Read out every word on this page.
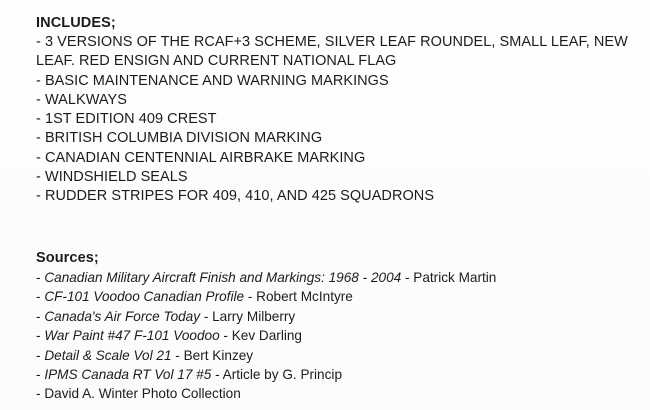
INCLUDES;
- 3 VERSIONS OF THE RCAF+3 SCHEME, SILVER LEAF ROUNDEL, SMALL LEAF, NEW
LEAF. RED ENSIGN AND CURRENT NATIONAL FLAG
- BASIC MAINTENANCE AND WARNING MARKINGS
- WALKWAYS
- 1ST EDITION 409 CREST
- BRITISH COLUMBIA DIVISION MARKING
- CANADIAN CENTENNIAL AIRBRAKE MARKING
- WINDSHIELD SEALS
- RUDDER STRIPES FOR 409, 410, AND 425 SQUADRONS
Sources;
- Canadian Military Aircraft Finish and Markings: 1968 - 2004 - Patrick Martin
- CF-101 Voodoo Canadian Profile - Robert McIntyre
- Canada's Air Force Today - Larry Milberry
- War Paint #47 F-101 Voodoo - Kev Darling
- Detail & Scale Vol 21 - Bert Kinzey
- IPMS Canada RT Vol 17 #5 - Article by G. Princip
- David A. Winter Photo Collection
